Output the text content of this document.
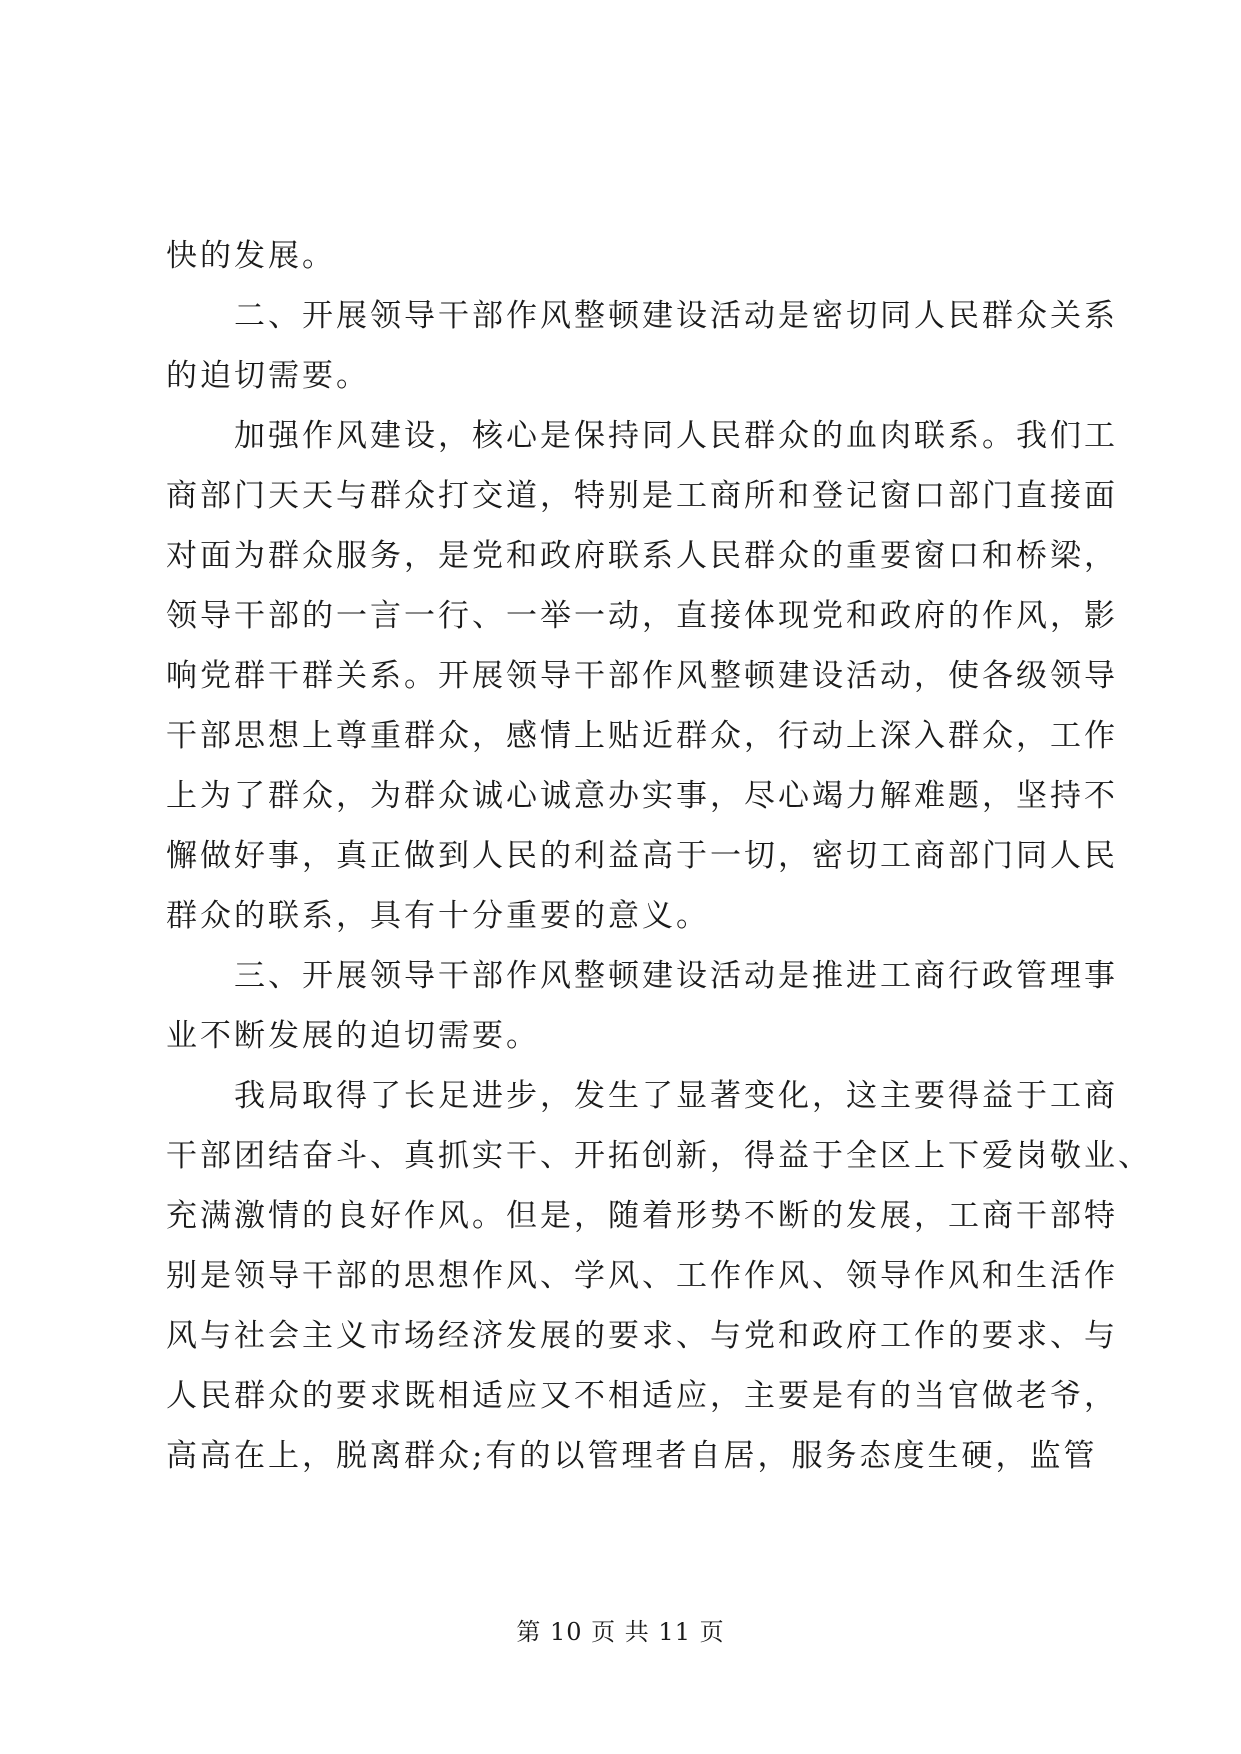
快的发展。
　　二、开展领导干部作风整顿建设活动是密切同人民群众关系
的迫切需要。
　　加强作风建设，核心是保持同人民群众的血肉联系。我们工
商部门天天与群众打交道，特别是工商所和登记窗口部门直接面
对面为群众服务，是党和政府联系人民群众的重要窗口和桥梁，
领导干部的一言一行、一举一动，直接体现党和政府的作风，影
响党群干群关系。开展领导干部作风整顿建设活动，使各级领导
干部思想上尊重群众，感情上贴近群众，行动上深入群众，工作
上为了群众，为群众诚心诚意办实事，尽心竭力解难题，坚持不
懈做好事，真正做到人民的利益高于一切，密切工商部门同人民
群众的联系，具有十分重要的意义。
　　三、开展领导干部作风整顿建设活动是推进工商行政管理事
业不断发展的迫切需要。
　　我局取得了长足进步，发生了显著变化，这主要得益于工商
干部团结奋斗、真抓实干、开拓创新，得益于全区上下爱岗敬业、
充满激情的良好作风。但是，随着形势不断的发展，工商干部特
别是领导干部的思想作风、学风、工作作风、领导作风和生活作
风与社会主义市场经济发展的要求、与党和政府工作的要求、与
人民群众的要求既相适应又不相适应，主要是有的当官做老爷，
高高在上，脱离群众;有的以管理者自居，服务态度生硬，监管
第 10 页 共 11 页
